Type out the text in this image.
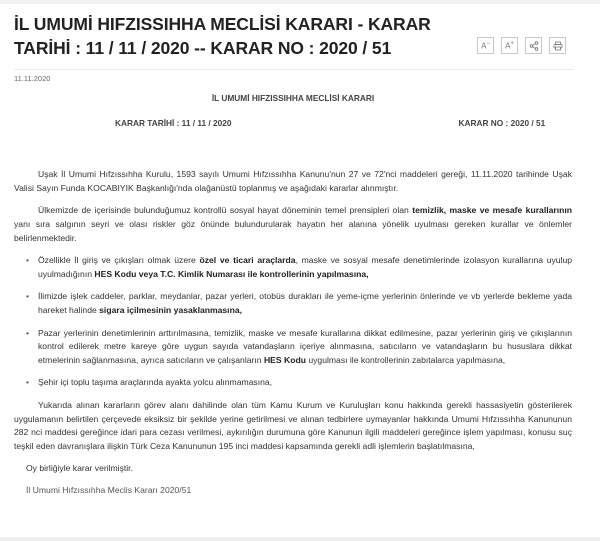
İL UMUMİ HIFZISSIHHA MECLİSİ KARARI - KARAR TARİHİ : 11 / 11 / 2020 -- KARAR NO : 2020 / 51	A− A+
11.11.2020
İL UMUMİ HIFZISSIHHA MECLİSİ KARARI
KARAR TARİHİ : 11 / 11 / 2020	KARAR NO : 2020 / 51

Uşak İl Umumi Hıfzıssıhha Kurulu, 1593 sayılı Umumi Hıfzıssıhha Kanunu'nun 27 ve 72'nci maddeleri gereği, 11.11.2020 tarihinde Uşak Valisi Sayın Funda KOCABIYIK Başkanlığı'nda olağanüstü toplanmış ve aşağıdaki kararlar alınmıştır.

Ülkemizde de içerisinde bulunduğumuz kontrollü sosyal hayat döneminin temel prensipleri olan temizlik, maske ve mesafe kurallarının yanı sıra salgının seyri ve olası riskler göz önünde bulundurularak hayatın her alanına yönelik uyulması gereken kurallar ve önlemler belirlenmektedir.

• Özellikle İl giriş ve çıkışları olmak üzere özel ve ticari araçlarda, maske ve sosyal mesafe denetimlerinde izolasyon kurallarına uyulup uyulmadığının HES Kodu veya T.C. Kimlik Numarası ile kontrollerinin yapılmasına,
• İlimizde işlek caddeler, parklar, meydanlar, pazar yerleri, otobüs durakları ile yeme-içme yerlerinin önlerinde ve vb yerlerde bekleme yada hareket halinde sigara içilmesinin yasaklanmasına,
• Pazar yerlerinin denetimlerinin arttırılmasına, temizlik, maske ve mesafe kurallarına dikkat edilmesine, pazar yerlerinin giriş ve çıkışlarının kontrol edilerek metre kareye göre uygun sayıda vatandaşların içeriye alınmasına, satıcıların ve vatandaşların bu hususlara dikkat etmelerinin sağlanmasına, ayrıca satıcıların ve çalışanların HES Kodu uygulması ile kontrollerinin zabıtalarca yapılmasına,
• Şehir içi toplu taşıma araçlarında ayakta yolcu alınmamasına,

Yukarıda alınan kararların görev alanı dahilinde olan tüm Kamu Kurum ve Kuruluşları konu hakkında gerekli hassasiyetin gösterilerek uygulamanın belirtilen çerçevede eksiksiz bir şekilde yerine getirilmesi ve alınan tedbirlere uymayanlar hakkında Umumi Hıfzıssıhha Kanununun 282 nci maddesi gereğince idari para cezası verilmesi, aykırılığın durumuna göre Kanunun ilgili maddeleri gereğince işlem yapılması, konusu suç teşkil eden davranışlara ilişkin Türk Ceza Kanununun 195 inci maddesi kapsamında gerekli adli işlemlerin başlatılmasına,

Oy birliğiyle karar verilmiştir.

İl Umumi Hıfzıssıhha Meclis Kararı 2020/51
